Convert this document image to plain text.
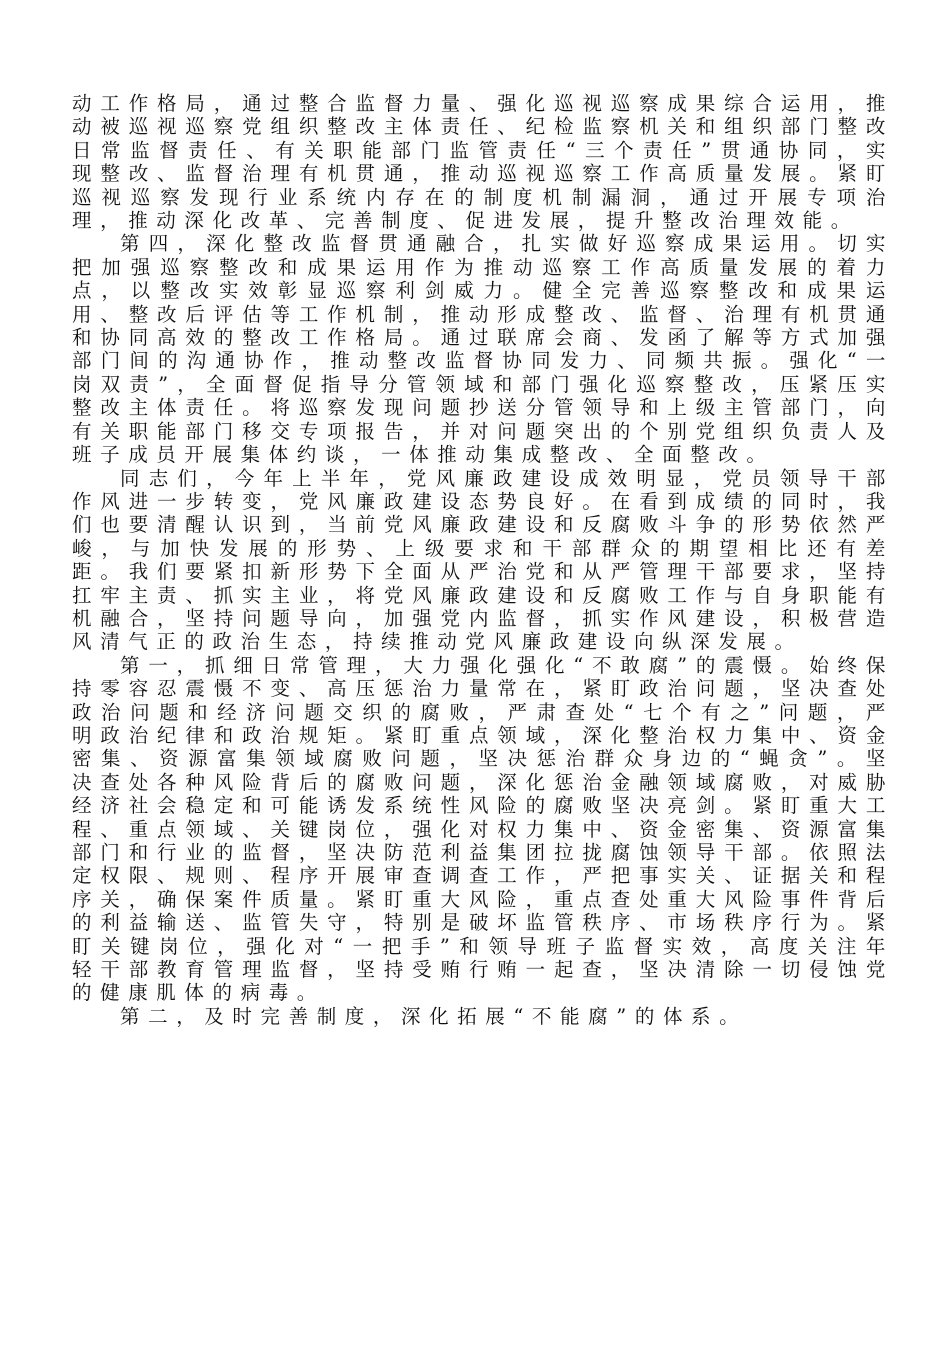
动工作格局，通过整合监督力量、强化巡视巡察成果综合运用，推动被巡视巡察党组织整改主体责任、纪检监察机关和组织部门整改日常监督责任、有关职能部门监管责任“三个责任”贯通协同，实现整改、监督治理有机贯通，推动巡视巡察工作高质量发展。紧盯巡视巡察发现行业系统内存在的制度机制漏洞，通过开展专项治理，推动深化改革、完善制度、促进发展，提升整改治理效能。

第四，深化整改监督贯通融合，扎实做好巡察成果运用。切实把加强巡察整改和成果运用作为推动巡察工作高质量发展的着力点，以整改实效彰显巡察利剑威力。健全完善巡察整改和成果运用、整改后评估等工作机制，推动形成整改、监督、治理有机贯通和协同高效的整改工作格局。通过联席会商、发函了解等方式加强部门间的沟通协作，推动整改监督协同发力、同频共振。强化“一岗双责”，全面督促指导分管领域和部门强化巡察整改，压紧压实整改主体责任。将巡察发现问题抄送分管领导和上级主管部门，向有关职能部门移交专项报告，并对问题突出的个别党组织负责人及班子成员开展集体约谈，一体推动集成整改、全面整改。

同志们，今年上半年，党风廉政建设成效明显，党员领导干部作风进一步转变，党风廉政建设态势良好。在看到成绩的同时，我们也要清醒认识到，当前党风廉政建设和反腐败斗争的形势依然严峻，与加快发展的形势、上级要求和干部群众的期望相比还有差距。我们要紧扣新形势下全面从严治党和从严管理干部要求，坚持扛牢主责、抓实主业，将党风廉政建设和反腐败工作与自身职能有机融合，坚持问题导向，加强党内监督，抓实作风建设，积极营造风清气正的政治生态，持续推动党风廉政建设向纵深发展。

第一，抓细日常管理，大力强化强化“不敢腐”的震慑。始终保持零容忍震慑不变、高压惩治力量常在，紧盯政治问题，坚决查处政治问题和经济问题交织的腐败，严肃查处“七个有之”问题，严明政治纪律和政治规矩。紧盯重点领域，深化整治权力集中、资金密集、资源富集领域腐败问题，坚决惩治群众身边的“蝇贪”。坚决查处各种风险背后的腐败问题，深化惩治金融领域腐败，对威胁经济社会稳定和可能诱发系统性风险的腐败坚决亮剑。紧盯重大工程、重点领域、关键岗位，强化对权力集中、资金密集、资源富集部门和行业的监督，坚决防范利益集团拉拢腐蚀领导干部。依照法定权限、规则、程序开展审查调查工作，严把事实关、证据关和程序关，确保案件质量。紧盯重大风险，重点查处重大风险事件背后的利益输送、监管失守，特别是破坏监管秩序、市场秩序行为。紧盯关键岗位，强化对“一把手”和领导班子监督实效，高度关注年轻干部教育管理监督，坚持受贿行贿一起查，坚决清除一切侵蚀党的健康肌体的病毒。

第二，及时完善制度，深化拓展“不能腐”的体系。
